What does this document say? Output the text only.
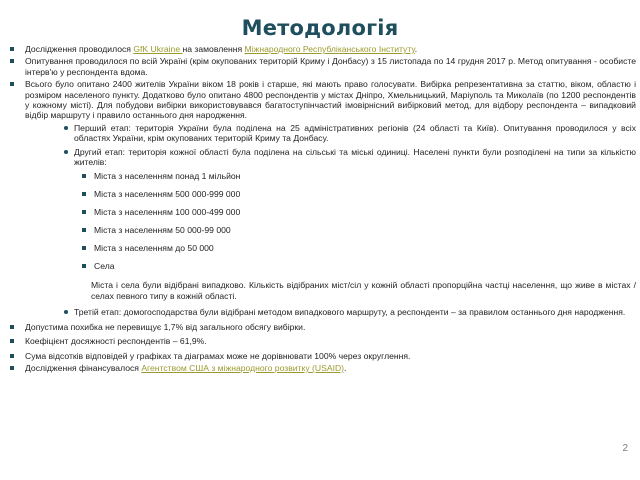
Методологія
Дослідження проводилося GfK Ukraine на замовлення Міжнародного Республіканського Інституту.
Опитування проводилося по всій Україні (крім окупованих територій Криму і Донбасу) з 15 листопада по 14 грудня 2017 р. Метод опитування - особисте інтерв'ю у респондента вдома.
Всього було опитано 2400 жителів України віком 18 років і старше, які мають право голосувати. Вибірка репрезентативна за статтю, віком, областю і розміром населеного пункту. Додатково було опитано 4800 респондентів у містах Дніпро, Хмельницький, Маріуполь та Миколаїв (по 1200 респондентів у кожному місті). Для побудови вибірки використовувався багатоступінчастий імовірнісний вибірковий метод, для відбору респондента – випадковий відбір маршруту і правило останнього дня народження.
Перший етап: територія України була поділена на 25 адміністративних регіонів (24 області та Київ). Опитування проводилося у всіх областях України, крім окупованих територій Криму та Донбасу.
Другий етап: територія кожної області була поділена на сільські та міські одиниці. Населені пункти були розподілені на типи за кількістю жителів:
Міста з населенням понад 1 мільйон
Міста з населенням 500 000-999 000
Міста з населенням 100 000-499 000
Міста з населенням 50 000-99 000
Міста з населенням до 50 000
Села
Міста і села були відібрані випадково. Кількість відібраних міст/сіл у кожній області пропорційна частці населення, що живе в містах / селах певного типу в кожній області.
Третій етап: домогосподарства були відібрані методом випадкового маршруту, а респонденти – за правилом останнього дня народження.
Допустима похибка не перевищує 1,7% від загального обсягу вибірки.
Коефіцієнт досяжності респондентів – 61,9%.
Сума відсотків відповідей у графіках та діаграмах може не дорівнювати 100% через округлення.
Дослідження фінансувалося Агентством США з міжнародного розвитку (USAID).
2
